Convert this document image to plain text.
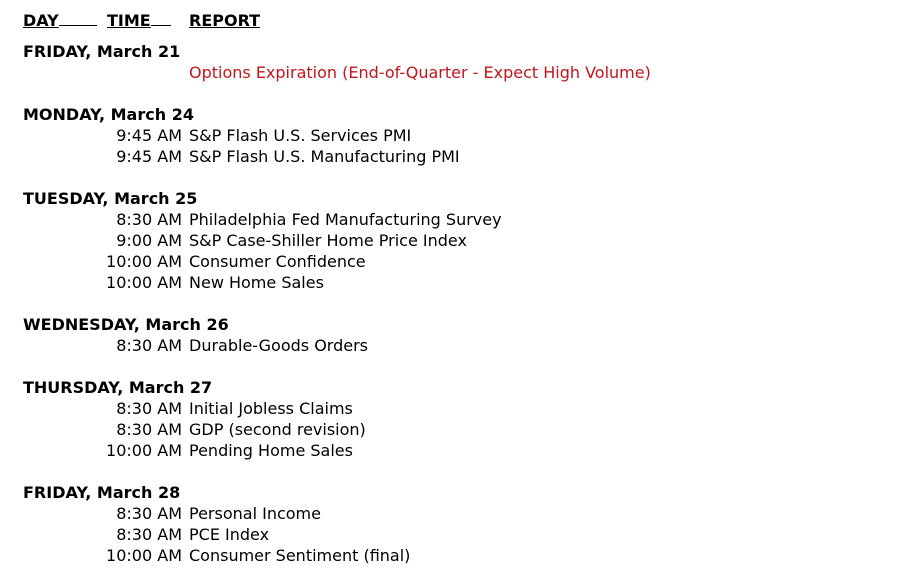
DAY	TIME	REPORT
FRIDAY, March 21
Options Expiration (End-of-Quarter - Expect High Volume)
MONDAY, March 24
9:45 AM S&P Flash U.S. Services PMI
9:45 AM S&P Flash U.S. Manufacturing PMI
TUESDAY, March 25
8:30 AM Philadelphia Fed Manufacturing Survey
9:00 AM S&P Case-Shiller Home Price Index
10:00 AM Consumer Confidence
10:00 AM New Home Sales
WEDNESDAY, March 26
8:30 AM Durable-Goods Orders
THURSDAY, March 27
8:30 AM Initial Jobless Claims
8:30 AM GDP (second revision)
10:00 AM Pending Home Sales
FRIDAY, March 28
8:30 AM Personal Income
8:30 AM PCE Index
10:00 AM Consumer Sentiment (final)
